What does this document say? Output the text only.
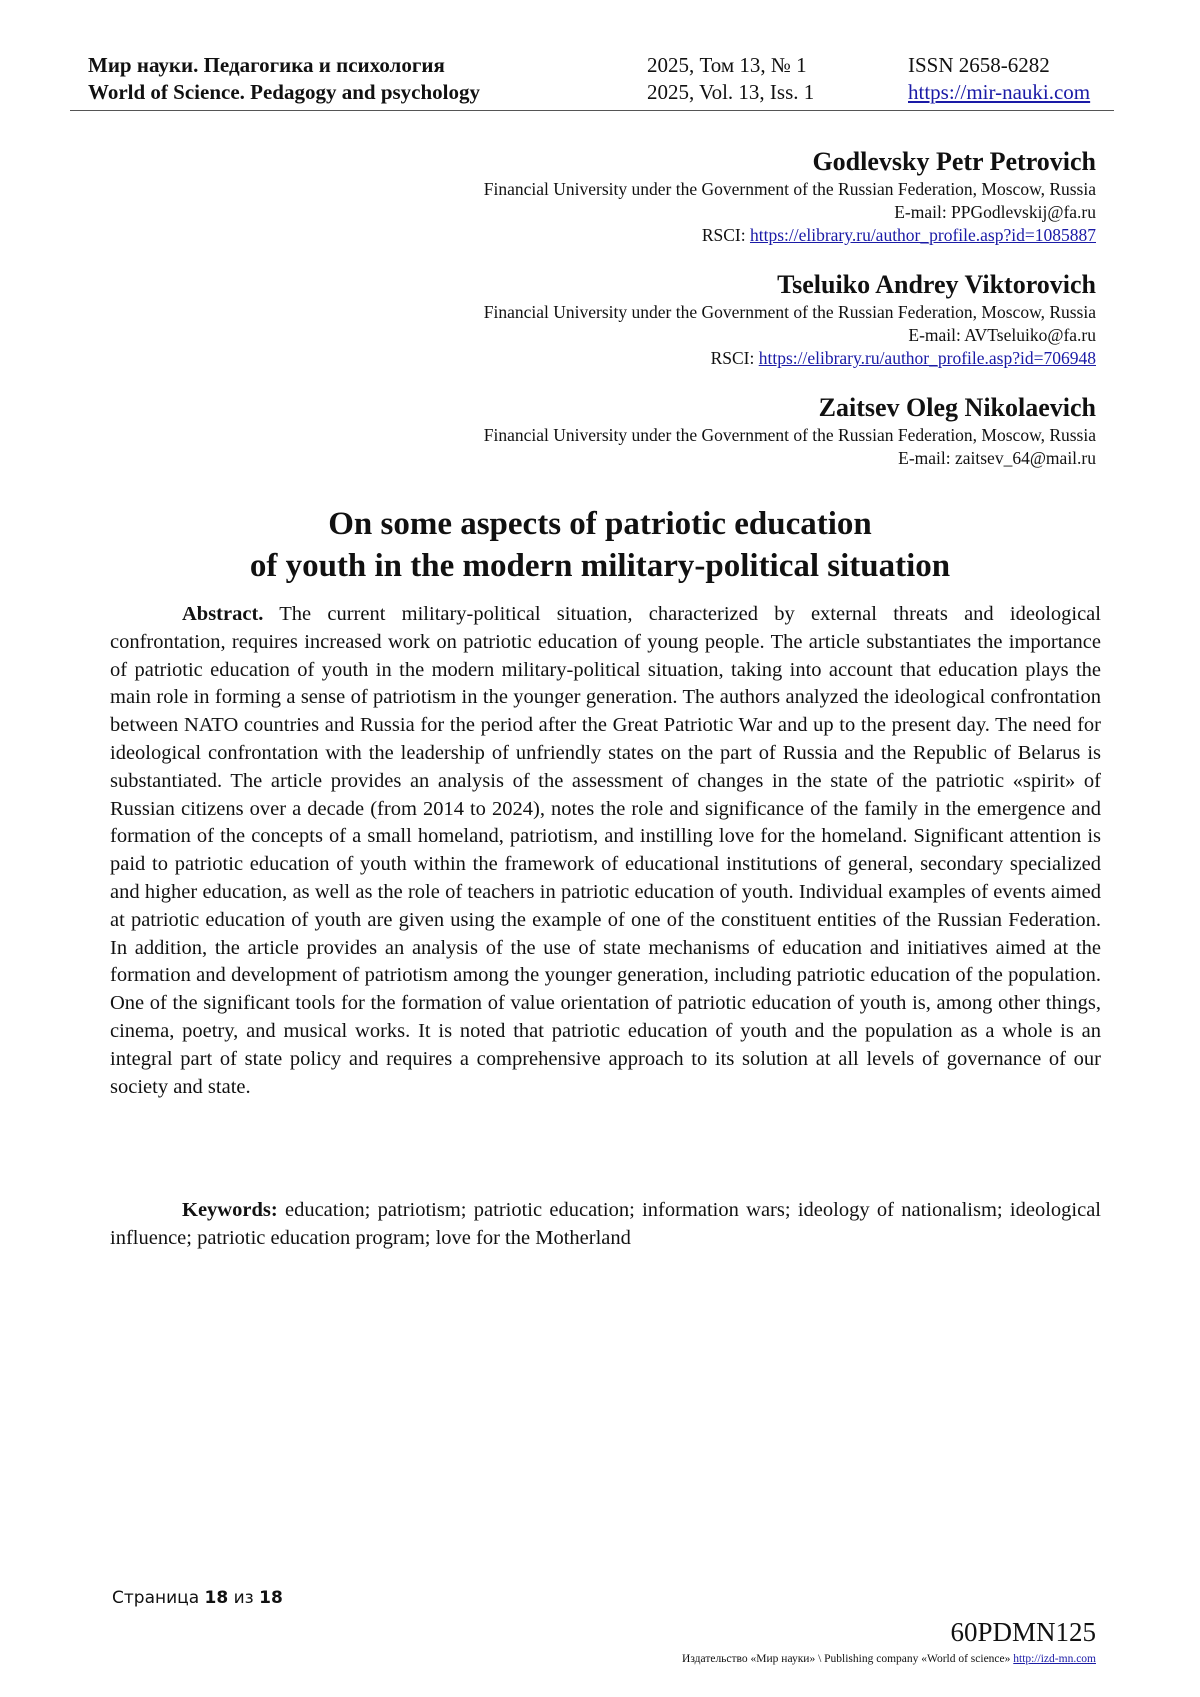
Мир науки. Педагогика и психология	2025, Том 13, № 1	ISSN 2658-6282
World of Science. Pedagogy and psychology	2025, Vol. 13, Iss. 1	https://mir-nauki.com
Godlevsky Petr Petrovich
Financial University under the Government of the Russian Federation, Moscow, Russia
E-mail: PPGodlevskij@fa.ru
RSCI: https://elibrary.ru/author_profile.asp?id=1085887
Tseluiko Andrey Viktorovich
Financial University under the Government of the Russian Federation, Moscow, Russia
E-mail: AVTseluiko@fa.ru
RSCI: https://elibrary.ru/author_profile.asp?id=706948
Zaitsev Oleg Nikolaevich
Financial University under the Government of the Russian Federation, Moscow, Russia
E-mail: zaitsev_64@mail.ru
On some aspects of patriotic education
of youth in the modern military-political situation
Abstract. The current military-political situation, characterized by external threats and ideological confrontation, requires increased work on patriotic education of young people. The article substantiates the importance of patriotic education of youth in the modern military-political situation, taking into account that education plays the main role in forming a sense of patriotism in the younger generation. The authors analyzed the ideological confrontation between NATO countries and Russia for the period after the Great Patriotic War and up to the present day. The need for ideological confrontation with the leadership of unfriendly states on the part of Russia and the Republic of Belarus is substantiated. The article provides an analysis of the assessment of changes in the state of the patriotic «spirit» of Russian citizens over a decade (from 2014 to 2024), notes the role and significance of the family in the emergence and formation of the concepts of a small homeland, patriotism, and instilling love for the homeland. Significant attention is paid to patriotic education of youth within the framework of educational institutions of general, secondary specialized and higher education, as well as the role of teachers in patriotic education of youth. Individual examples of events aimed at patriotic education of youth are given using the example of one of the constituent entities of the Russian Federation. In addition, the article provides an analysis of the use of state mechanisms of education and initiatives aimed at the formation and development of patriotism among the younger generation, including patriotic education of the population. One of the significant tools for the formation of value orientation of patriotic education of youth is, among other things, cinema, poetry, and musical works. It is noted that patriotic education of youth and the population as a whole is an integral part of state policy and requires a comprehensive approach to its solution at all levels of governance of our society and state.
Keywords: education; patriotism; patriotic education; information wars; ideology of nationalism; ideological influence; patriotic education program; love for the Motherland
Страница 18 из 18
60PDMN125
Издательство «Мир науки» \ Publishing company «World of science» http://izd-mn.com
